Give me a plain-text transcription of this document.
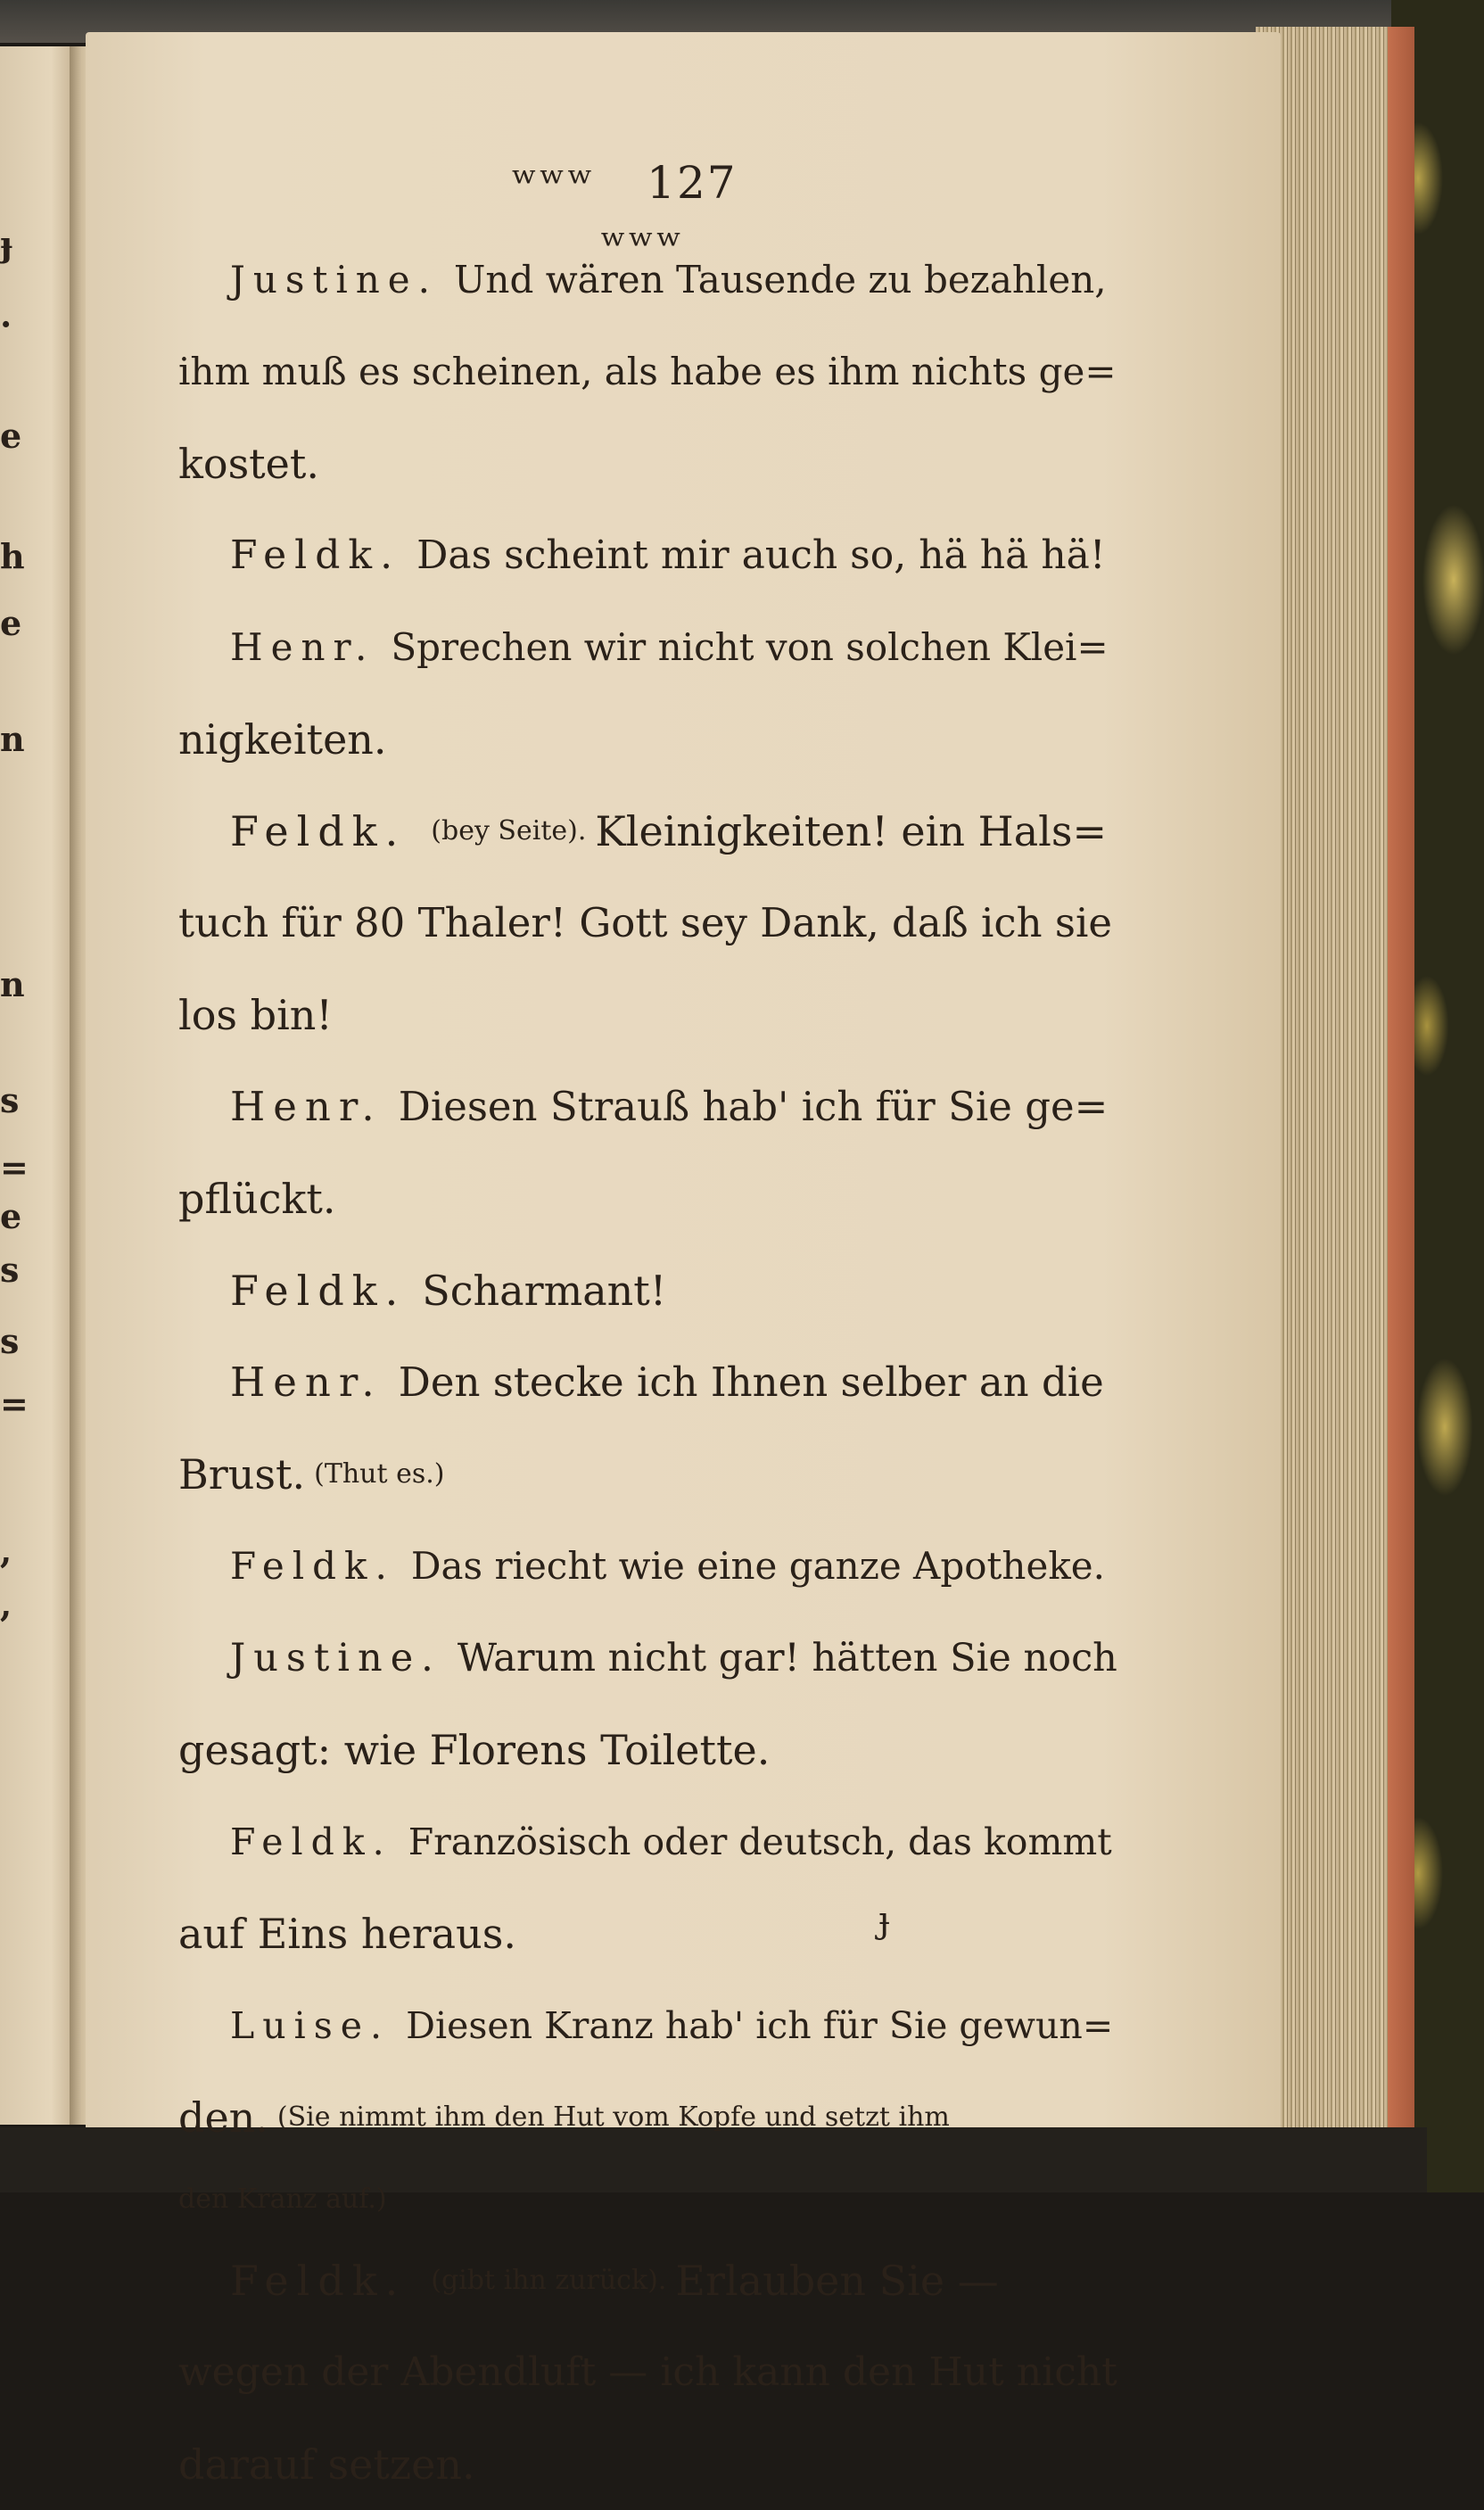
ɟ
·
e
h
e
n
n
s
=
e
s
s
=
,
,
ʷʷʷ 127 ʷʷʷ
Justine. Und wären Tausende zu bezahlen,
ihm muß es scheinen, als habe es ihm nichts ge=
kostet.
Feldk. Das scheint mir auch so, hä hä hä!
Henr. Sprechen wir nicht von solchen Klei=
nigkeiten.
Feldk. (bey Seite). Kleinigkeiten! ein Hals=
tuch für 80 Thaler! Gott sey Dank, daß ich sie
los bin!
Henr. Diesen Strauß hab' ich für Sie ge=
pflückt.
Feldk. Scharmant!
Henr. Den stecke ich Ihnen selber an die
Brust. (Thut es.)
Feldk. Das riecht wie eine ganze Apotheke.
Justine. Warum nicht gar! hätten Sie noch
gesagt: wie Florens Toilette.
Feldk. Französisch oder deutsch, das kommt
auf Eins heraus.
Luise. Diesen Kranz hab' ich für Sie gewun=
den. (Sie nimmt ihm den Hut vom Kopfe und setzt ihm
den Kranz auf.)
Feldk. (gibt ihn zurück). Erlauben Sie —
wegen der Abendluft — ich kann den Hut nicht
darauf setzen.
ɟ
